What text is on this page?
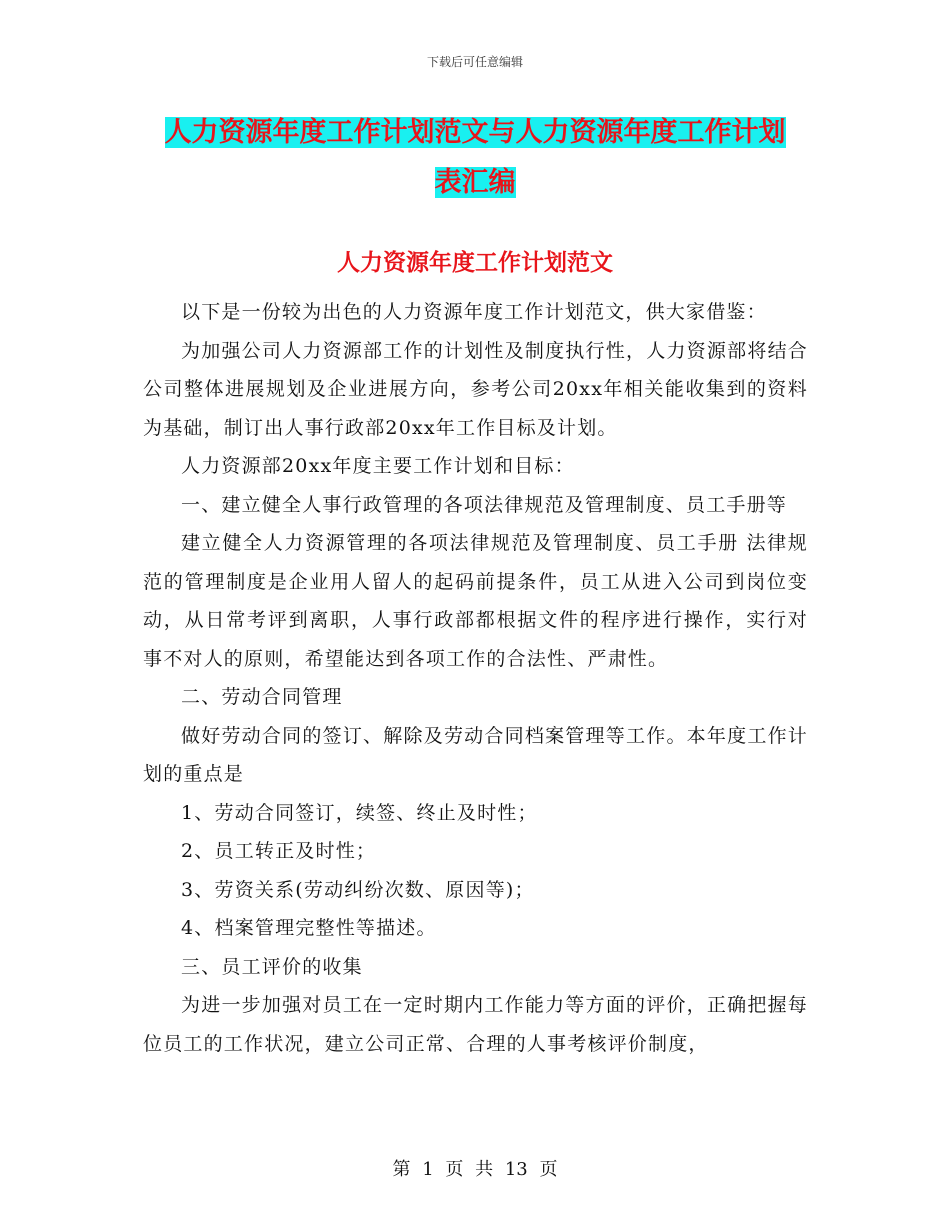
下载后可任意编辑
人力资源年度工作计划范文与人力资源年度工作计划
表汇编
人力资源年度工作计划范文

以下是一份较为出色的人力资源年度工作计划范文，供大家借鉴：

为加强公司人力资源部工作的计划性及制度执行性，人力资源部将结合公司整体进展规划及企业进展方向，参考公司20xx年相关能收集到的资料为基础，制订出人事行政部20xx年工作目标及计划。

人力资源部20xx年度主要工作计划和目标：

一、建立健全人事行政管理的各项法律规范及管理制度、员工手册等

建立健全人力资源管理的各项法律规范及管理制度、员工手册 法律规范的管理制度是企业用人留人的起码前提条件，员工从进入公司到岗位变动，从日常考评到离职，人事行政部都根据文件的程序进行操作，实行对事不对人的原则，希望能达到各项工作的合法性、严肃性。

二、劳动合同管理

做好劳动合同的签订、解除及劳动合同档案管理等工作。本年度工作计划的重点是

1、劳动合同签订，续签、终止及时性；

2、员工转正及时性；

3、劳资关系(劳动纠纷次数、原因等)；

4、档案管理完整性等描述。

三、员工评价的收集

为进一步加强对员工在一定时期内工作能力等方面的评价，正确把握每位员工的工作状况，建立公司正常、合理的人事考核评价制度，

第 1 页 共 13 页
